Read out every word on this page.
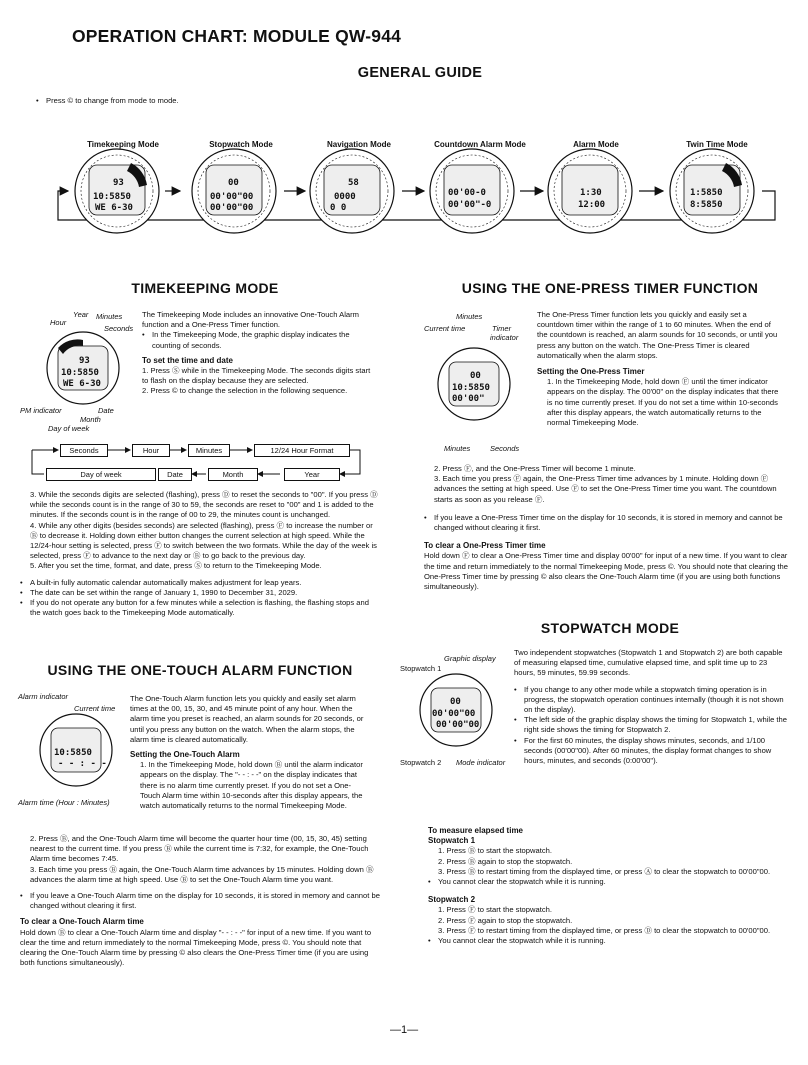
OPERATION CHART: MODULE QW-944
GENERAL GUIDE
• Press © to change from mode to mode.
Timekeeping Mode	Stopwatch Mode	Navigation Mode	Countdown Alarm Mode	Alarm Mode	Twin Time Mode
93
10:5850
WE 6-30
00
00'00"00
00'00"00
58
0000
0 0
00'00-0
00'00"-0
1:30
12:00
1:5850
8:5850
TIMEKEEPING MODE
93
10:5850
WE 6-30
Hour
Year Minutes
Seconds
PM indicator	Date
Month
Day of week

The Timekeeping Mode includes an innovative One-Touch Alarm function and a One-Press Timer function.

• In the Timekeeping Mode, the graphic display indicates the counting of seconds.

To set the time and date

1. Press Ⓢ while in the Timekeeping Mode. The seconds digits start to flash on the display because they are selected.

2. Press © to change the selection in the following sequence.

Seconds	Hour	Minutes	12/24 Hour Format
Day of week	Date	Month	Year

3. While the seconds digits are selected (flashing), press Ⓓ to reset the seconds to "00". If you press Ⓓ while the seconds count is in the range of 30 to 59, the seconds are reset to "00" and 1 is added to the minutes. If the seconds count is in the range of 00 to 29, the minutes count is unchanged.

4. While any other digits (besides seconds) are selected (flashing), press Ⓕ to increase the number or Ⓑ to decrease it. Holding down either button changes the current selection at high speed. While the 12/24-hour setting is selected, press Ⓕ to switch between the two formats. While the day of the week is selected, press Ⓕ to advance to the next day or Ⓑ to go back to the previous day.

5. After you set the time, format, and date, press Ⓢ to return to the Timekeeping Mode.

• A built-in fully automatic calendar automatically makes adjustment for leap years.

• The date can be set within the range of January 1, 1990 to December 31, 2029.

• If you do not operate any button for a few minutes while a selection is flashing, the flashing stops and the watch goes back to the Timekeeping Mode automatically.

USING THE ONE-TOUCH ALARM FUNCTION
10:5850
- - : - -
Alarm indicator
Current time
Alarm time (Hour : Minutes)

The One-Touch Alarm function lets you quickly and easily set alarm times at the 00, 15, 30, and 45 minute point of any hour. When the alarm time you preset is reached, an alarm sounds for 20 seconds, or until you press any button on the watch. When the alarm stops, the alarm time is cleared automatically.

Setting the One-Touch Alarm

1. In the Timekeeping Mode, hold down Ⓑ until the alarm indicator appears on the display. The "- - : - -" on the display indicates that there is no alarm time currently preset. If you do not set a One-Touch Alarm time within 10-seconds after this display appears, the watch automatically returns to the normal Timekeeping Mode.

2. Press Ⓑ, and the One-Touch Alarm time will become the quarter hour time (00, 15, 30, 45) setting nearest to the current time. If you press Ⓑ while the current time is 7:32, for example, the One-Touch Alarm time becomes 7:45.

3. Each time you press Ⓑ again, the One-Touch Alarm time advances by 15 minutes. Holding down Ⓑ advances the alarm time at high speed. Use Ⓑ to set the One-Touch Alarm time you want.

• If you leave a One-Touch Alarm time on the display for 10 seconds, it is stored in memory and cannot be changed without clearing it first.

To clear a One-Touch Alarm time

Hold down Ⓑ to clear a One-Touch Alarm time and display "- - : - -" for input of a new time. If you want to clear the time and return immediately to the normal Timekeeping Mode, press ©. You should note that clearing the One-Touch Alarm time by pressing © also clears the One-Press Timer time (if you are using both functions simultaneously).

USING THE ONE-PRESS TIMER FUNCTION
00
10:5850
00'00"
Minutes
Current time	Timer
indicator
Minutes	Seconds

The One-Press Timer function lets you quickly and easily set a countdown timer within the range of 1 to 60 minutes. When the end of the countdown is reached, an alarm sounds for 10 seconds, or until you press any button on the watch. The One-Press Timer is cleared automatically when the alarm stops.

Setting the One-Press Timer

1. In the Timekeeping Mode, hold down Ⓕ until the timer indicator appears on the display. The 00'00" on the display indicates that there is no time currently preset. If you do not set a time within 10-seconds after this display appears, the watch automatically returns to the normal Timekeeping Mode.

2. Press Ⓕ, and the One-Press Timer will become 1 minute.

3. Each time you press Ⓕ again, the One-Press Timer time advances by 1 minute. Holding down Ⓕ advances the setting at high speed. Use Ⓕ to set the One-Press Timer time you want. The countdown starts as soon as you release Ⓕ.

• If you leave a One-Press Timer time on the display for 10 seconds, it is stored in memory and cannot be changed without clearing it first.

To clear a One-Press Timer time

Hold down Ⓕ to clear a One-Press Timer time and display 00'00" for input of a new time. If you want to clear the time and return immediately to the normal Timekeeping Mode, press ©. You should note that clearing the One-Press Timer time by pressing © also clears the One-Touch Alarm time (if you are using both functions simultaneously).

STOPWATCH MODE
00
00'00"00
00'00"00
Graphic display
Stopwatch 1
Stopwatch 2 Mode indicator

Two independent stopwatches (Stopwatch 1 and Stopwatch 2) are both capable of measuring elapsed time, cumulative elapsed time, and split time up to 23 hours, 59 minutes, 59.99 seconds.

• If you change to any other mode while a stopwatch timing operation is in progress, the stopwatch operation continues internally (though it is not shown on the display).

• The left side of the graphic display shows the timing for Stopwatch 1, while the right side shows the timing for Stopwatch 2.

• For the first 60 minutes, the display shows minutes, seconds, and 1/100 seconds (00'00"00). After 60 minutes, the display format changes to show hours, minutes, and seconds (0:00'00").

To measure elapsed time

Stopwatch 1

1. Press Ⓑ to start the stopwatch.

2. Press Ⓑ again to stop the stopwatch.

3. Press Ⓑ to restart timing from the displayed time, or press Ⓐ to clear the stopwatch to 00'00"00.

• You cannot clear the stopwatch while it is running.

Stopwatch 2

1. Press Ⓕ to start the stopwatch.

2. Press Ⓕ again to stop the stopwatch.

3. Press Ⓕ to restart timing from the displayed time, or press Ⓓ to clear the stopwatch to 00'00"00.

• You cannot clear the stopwatch while it is running.

—1—
